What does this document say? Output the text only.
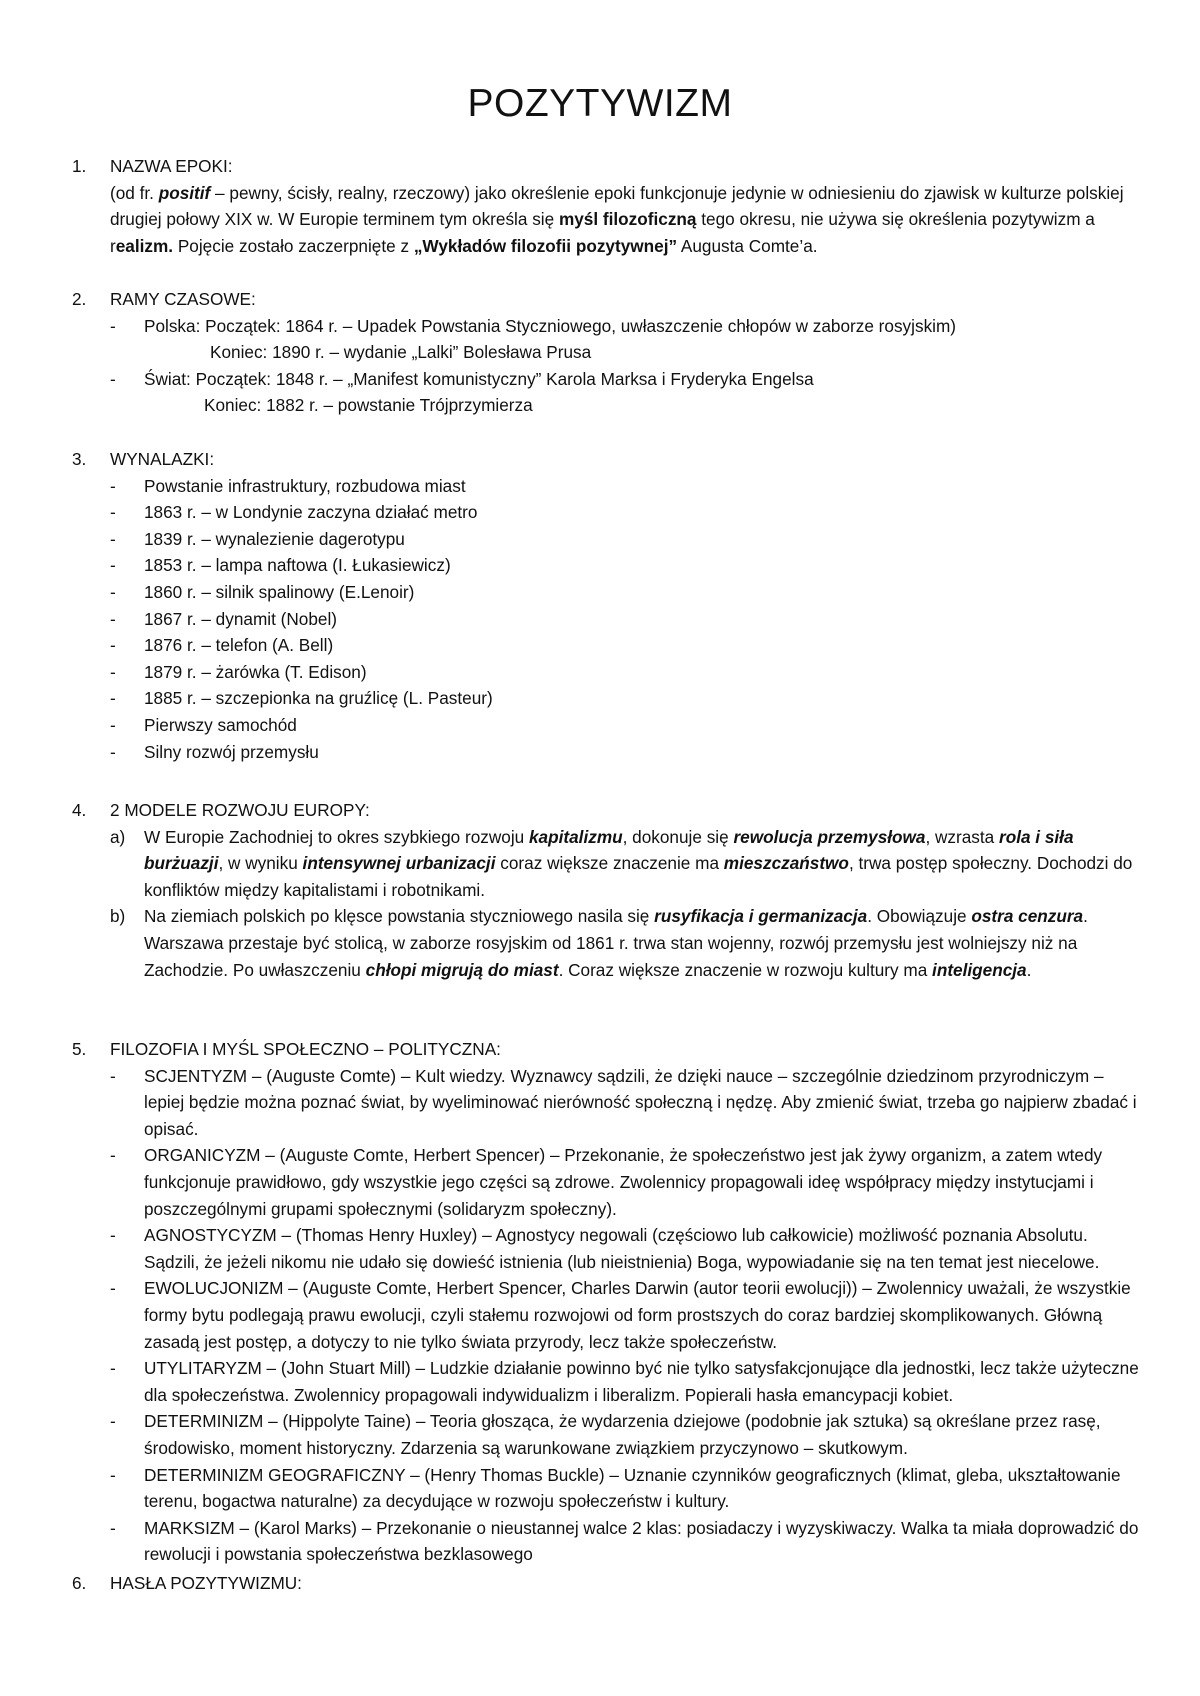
POZYTYWIZM
1.	NAZWA EPOKI:
(od fr. positif – pewny, ścisły, realny, rzeczowy) jako określenie epoki funkcjonuje jedynie w odniesieniu do zjawisk w kulturze polskiej drugiej połowy XIX w. W Europie terminem tym określa się myśl filozoficzną tego okresu, nie używa się określenia pozytywizm a realizm. Pojęcie zostało zaczerpnięte z „Wykładów filozofii pozytywnej” Augusta Comte’a.
2.	RAMY CZASOWE:
- Polska: Początek: 1864 r. – Upadek Powstania Styczniowego, uwłaszczenie chłopów w zaborze rosyjskim)
Koniec: 1890 r. – wydanie „Lalki” Bolesława Prusa
- Świat: Początek: 1848 r. – „Manifest komunistyczny” Karola Marksa i Fryderyka Engelsa
Koniec: 1882 r. – powstanie Trójprzymierza
3.	WYNALAZKI:
- Powstanie infrastruktury, rozbudowa miast
- 1863 r. – w Londynie zaczyna działać metro
- 1839 r. – wynalezienie dagerotypu
- 1853 r. – lampa naftowa (I. Łukasiewicz)
- 1860 r. – silnik spalinowy (E.Lenoir)
- 1867 r. – dynamit (Nobel)
- 1876 r. – telefon (A. Bell)
- 1879 r. – żarówka (T. Edison)
- 1885 r. – szczepionka na gruźlicę (L. Pasteur)
- Pierwszy samochód
- Silny rozwój przemysłu
4.	2 MODELE ROZWOJU EUROPY:
a) W Europie Zachodniej to okres szybkiego rozwoju kapitalizmu, dokonuje się rewolucja przemysłowa, wzrasta rola i siła burżuazji, w wyniku intensywnej urbanizacji coraz większe znaczenie ma mieszczaństwo, trwa postęp społeczny. Dochodzi do konfliktów między kapitalistami i robotnikami.
b) Na ziemiach polskich po klęsce powstania styczniowego nasila się rusyfikacja i germanizacja. Obowiązuje ostra cenzura. Warszawa przestaje być stolicą, w zaborze rosyjskim od 1861 r. trwa stan wojenny, rozwój przemysłu jest wolniejszy niż na Zachodzie. Po uwłaszczeniu chłopi migrują do miast. Coraz większe znaczenie w rozwoju kultury ma inteligencja.
5.	FILOZOFIA I MYŚL SPOŁECZNO – POLITYCZNA:
- SCJENTYZM – (Auguste Comte) – Kult wiedzy. Wyznawcy sądzili, że dzięki nauce – szczególnie dziedzinom przyrodniczym – lepiej będzie można poznać świat, by wyeliminować nierówność społeczną i nędzę. Aby zmienić świat, trzeba go najpierw zbadać i opisać.
- ORGANICYZM – (Auguste Comte, Herbert Spencer) – Przekonanie, że społeczeństwo jest jak żywy organizm, a zatem wtedy funkcjonuje prawidłowo, gdy wszystkie jego części są zdrowe. Zwolennicy propagowali ideę współpracy między instytucjami i poszczególnymi grupami społecznymi (solidaryzm społeczny).
- AGNOSTYCYZM – (Thomas Henry Huxley) – Agnostycy negowali (częściowo lub całkowicie) możliwość poznania Absolutu. Sądzili, że jeżeli nikomu nie udało się dowieść istnienia (lub nieistnienia) Boga, wypowiadanie się na ten temat jest niecelowe.
- EWOLUCJONIZM – (Auguste Comte, Herbert Spencer, Charles Darwin (autor teorii ewolucji)) – Zwolennicy uważali, że wszystkie formy bytu podlegają prawu ewolucji, czyli stałemu rozwojowi od form prostszych do coraz bardziej skomplikowanych. Główną zasadą jest postęp, a dotyczy to nie tylko świata przyrody, lecz także społeczeństw.
- UTYLITARYZM – (John Stuart Mill) – Ludzkie działanie powinno być nie tylko satysfakcjonujące dla jednostki, lecz także użyteczne dla społeczeństwa. Zwolennicy propagowali indywidualizm i liberalizm. Popierali hasła emancypacji kobiet.
- DETERMINIZM – (Hippolyte Taine) – Teoria głosząca, że wydarzenia dziejowe (podobnie jak sztuka) są określane przez rasę, środowisko, moment historyczny. Zdarzenia są warunkowane związkiem przyczynowo – skutkowym.
- DETERMINIZM GEOGRAFICZNY – (Henry Thomas Buckle) – Uznanie czynników geograficznych (klimat, gleba, ukształtowanie terenu, bogactwa naturalne) za decydujące w rozwoju społeczeństw i kultury.
- MARKSIZM – (Karol Marks) – Przekonanie o nieustannej walce 2 klas: posiadaczy i wyzyskiwaczy. Walka ta miała doprowadzić do rewolucji i powstania społeczeństwa bezklasowego
6.	HASŁA POZYTYWIZMU:
